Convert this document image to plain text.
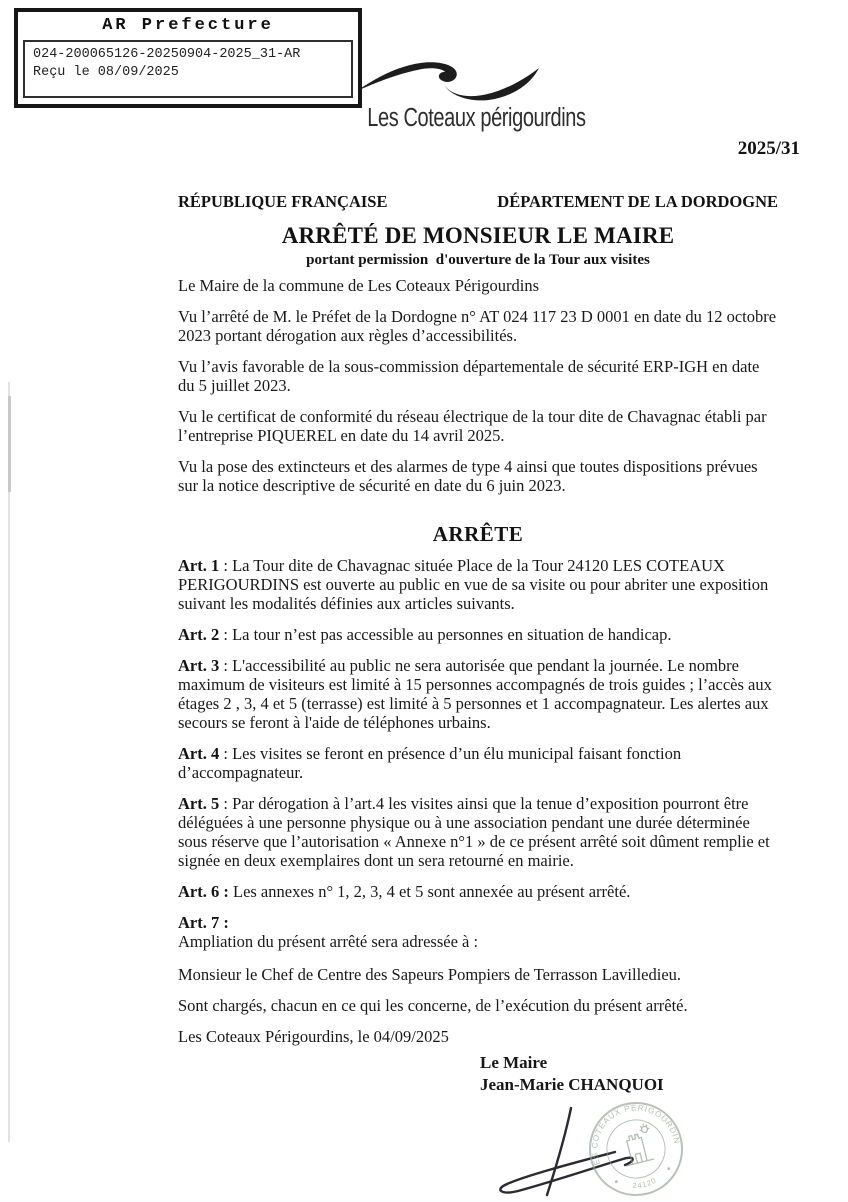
AR Prefecture
024-200065126-20250904-2025_31-AR
Reçu le 08/09/2025
Les Coteaux périgourdins
2025/31
RÉPUBLIQUE FRANÇAISE	DÉPARTEMENT DE LA DORDOGNE
ARRÊTÉ DE MONSIEUR LE MAIRE
portant permission  d'ouverture de la Tour aux visites

Le Maire de la commune de Les Coteaux Périgourdins

Vu l’arrêté de M. le Préfet de la Dordogne n° AT 024 117 23 D 0001 en date du 12 octobre 2023 portant dérogation aux règles d’accessibilités.

Vu l’avis favorable de la sous-commission départementale de sécurité ERP-IGH en date du 5 juillet 2023.

Vu le certificat de conformité du réseau électrique de la tour dite de Chavagnac établi par l’entreprise PIQUEREL en date du 14 avril 2025.

Vu la pose des extincteurs et des alarmes de type 4 ainsi que toutes dispositions prévues sur la notice descriptive de sécurité en date du 6 juin 2023.

ARRÊTE

Art. 1 : La Tour dite de Chavagnac située Place de la Tour 24120 LES COTEAUX PERIGOURDINS est ouverte au public en vue de sa visite ou pour abriter une exposition suivant les modalités définies aux articles suivants.

Art. 2 : La tour n’est pas accessible au personnes en situation de handicap.

Art. 3 : L'accessibilité au public ne sera autorisée que pendant la journée. Le nombre maximum de visiteurs est limité à 15 personnes accompagnés de trois guides ; l’accès aux étages 2 , 3, 4 et 5 (terrasse) est limité à 5 personnes et 1 accompagnateur. Les alertes aux secours se feront à l'aide de téléphones urbains.

Art. 4 : Les visites se feront en présence d’un élu municipal faisant fonction d’accompagnateur.

Art. 5 : Par dérogation à l’art.4 les visites ainsi que la tenue d’exposition pourront être déléguées à une personne physique ou à une association pendant une durée déterminée sous réserve que l’autorisation « Annexe n°1 » de ce présent arrêté soit dûment remplie et signée en deux exemplaires dont un sera retourné en mairie.

Art. 6 : Les annexes n° 1, 2, 3, 4 et 5 sont annexée au présent arrêté.

Art. 7 :

Ampliation du présent arrêté sera adressée à :

Monsieur le Chef de Centre des Sapeurs Pompiers de Terrasson Lavilledieu.

Sont chargés, chacun en ce qui les concerne, de l’exécution du présent arrêté.

Les Coteaux Périgourdins, le 04/09/2025

Le Maire
Jean-Marie CHANQUOI
LES COTEAUX PERIGOURDINS
24120
